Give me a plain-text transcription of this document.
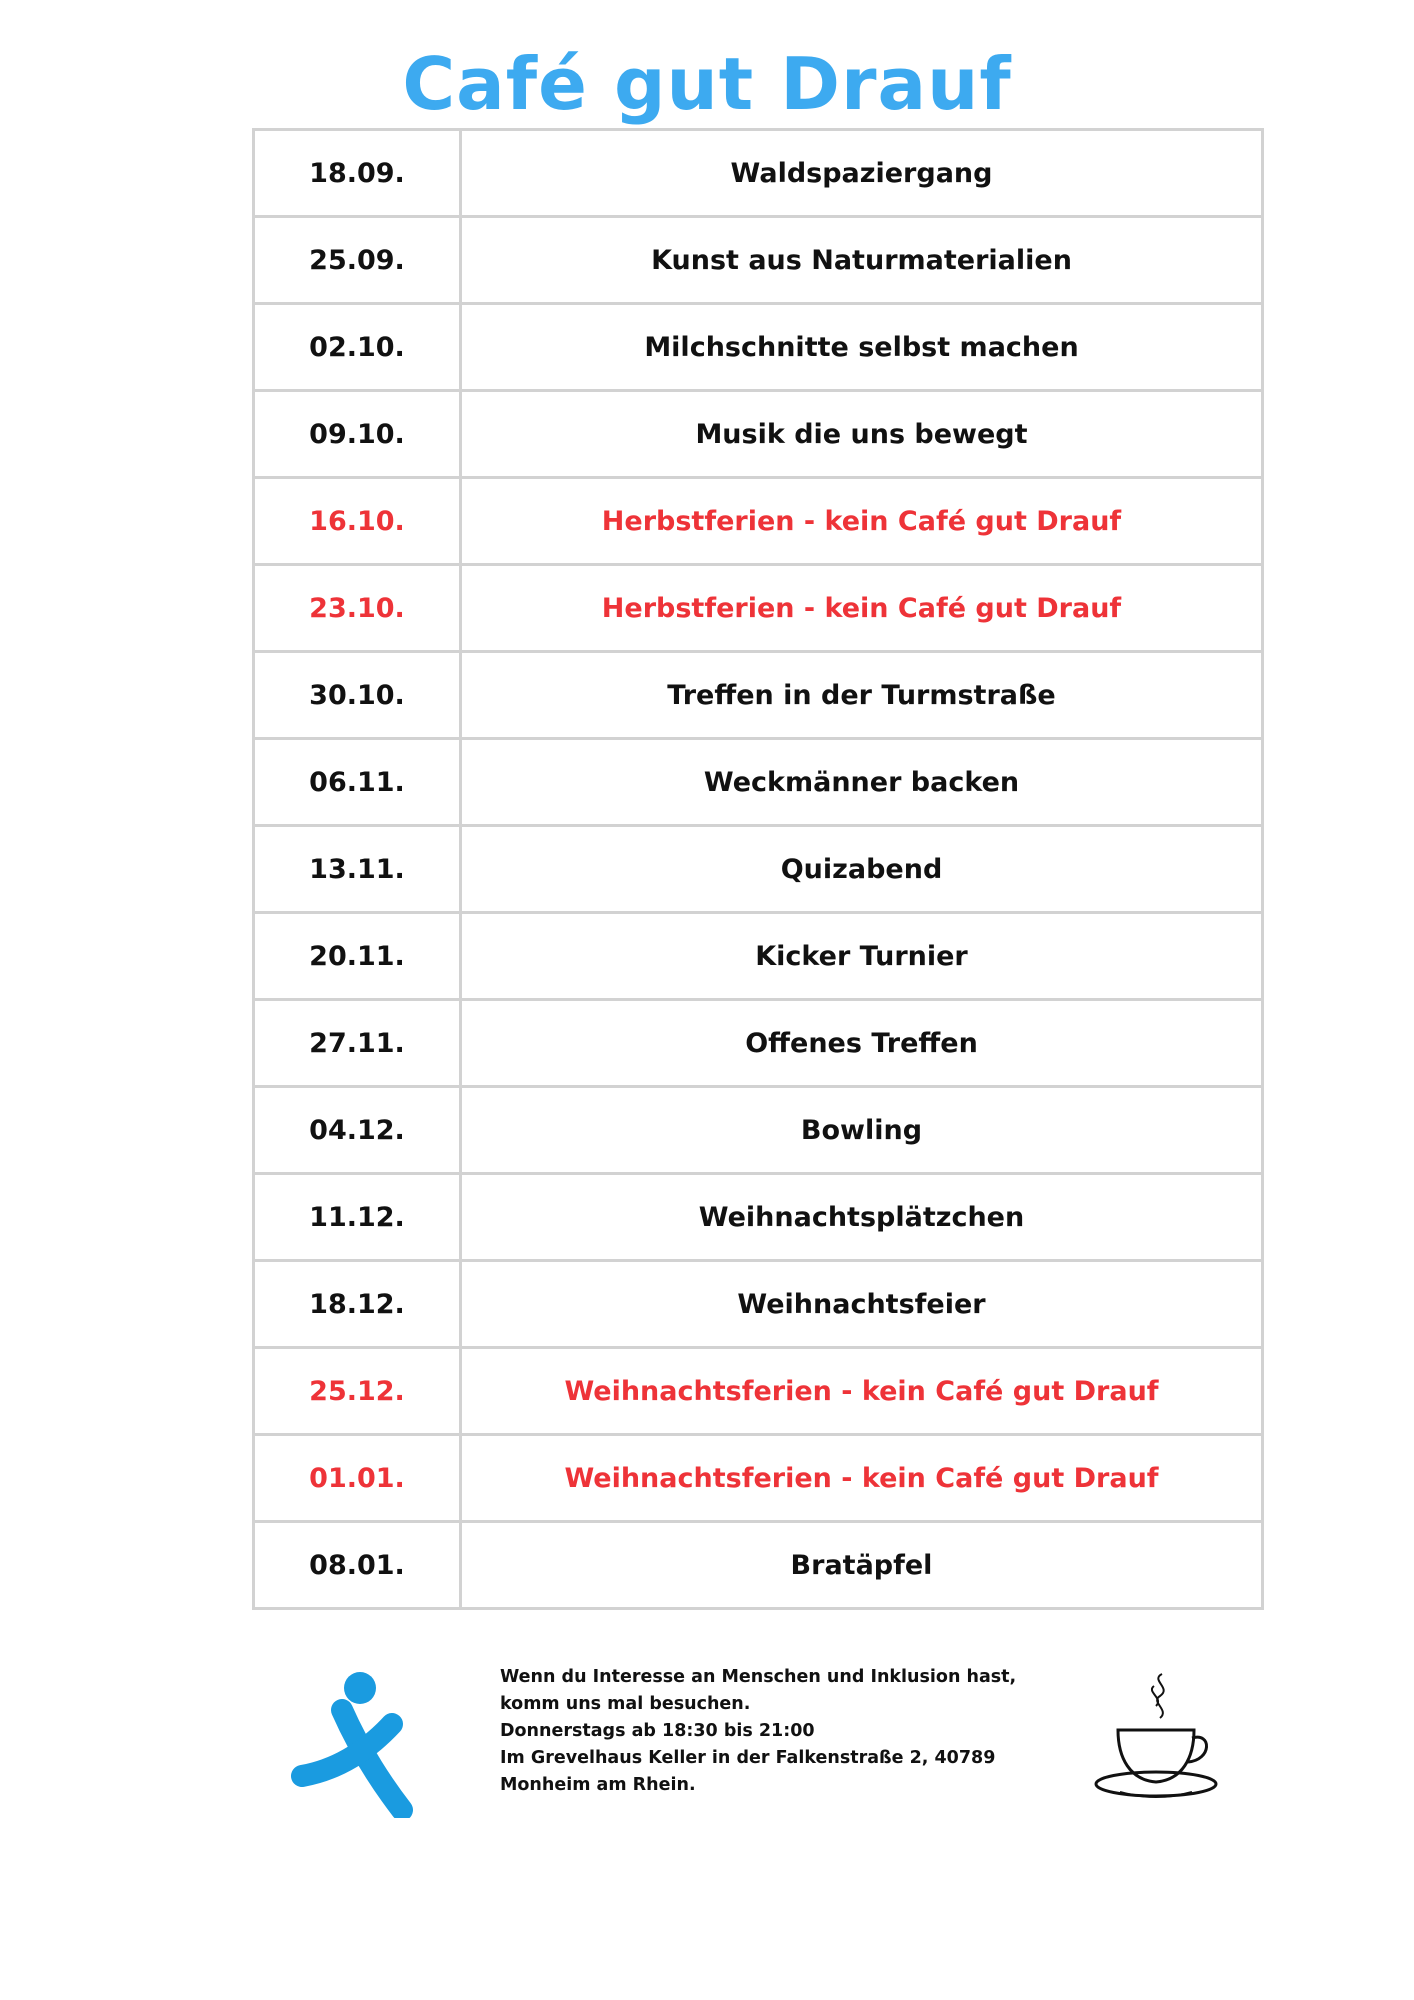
Café gut Drauf
18.09.	Waldspaziergang
25.09.	Kunst aus Naturmaterialien
02.10.	Milchschnitte selbst machen
09.10.	Musik die uns bewegt
16.10.	Herbstferien - kein Café gut Drauf
23.10.	Herbstferien - kein Café gut Drauf
30.10.	Treffen in der Turmstraße
06.11.	Weckmänner backen
13.11.	Quizabend
20.11.	Kicker Turnier
27.11.	Offenes Treffen
04.12.	Bowling
11.12.	Weihnachtsplätzchen
18.12.	Weihnachtsfeier
25.12.	Weihnachtsferien - kein Café gut Drauf
01.01.	Weihnachtsferien - kein Café gut Drauf
08.01.	Bratäpfel

Wenn du Interesse an Menschen und Inklusion hast, komm uns mal besuchen.

Donnerstags ab 18:30 bis 21:00

Im Grevelhaus Keller in der Falkenstraße 2, 40789 Monheim am Rhein.
